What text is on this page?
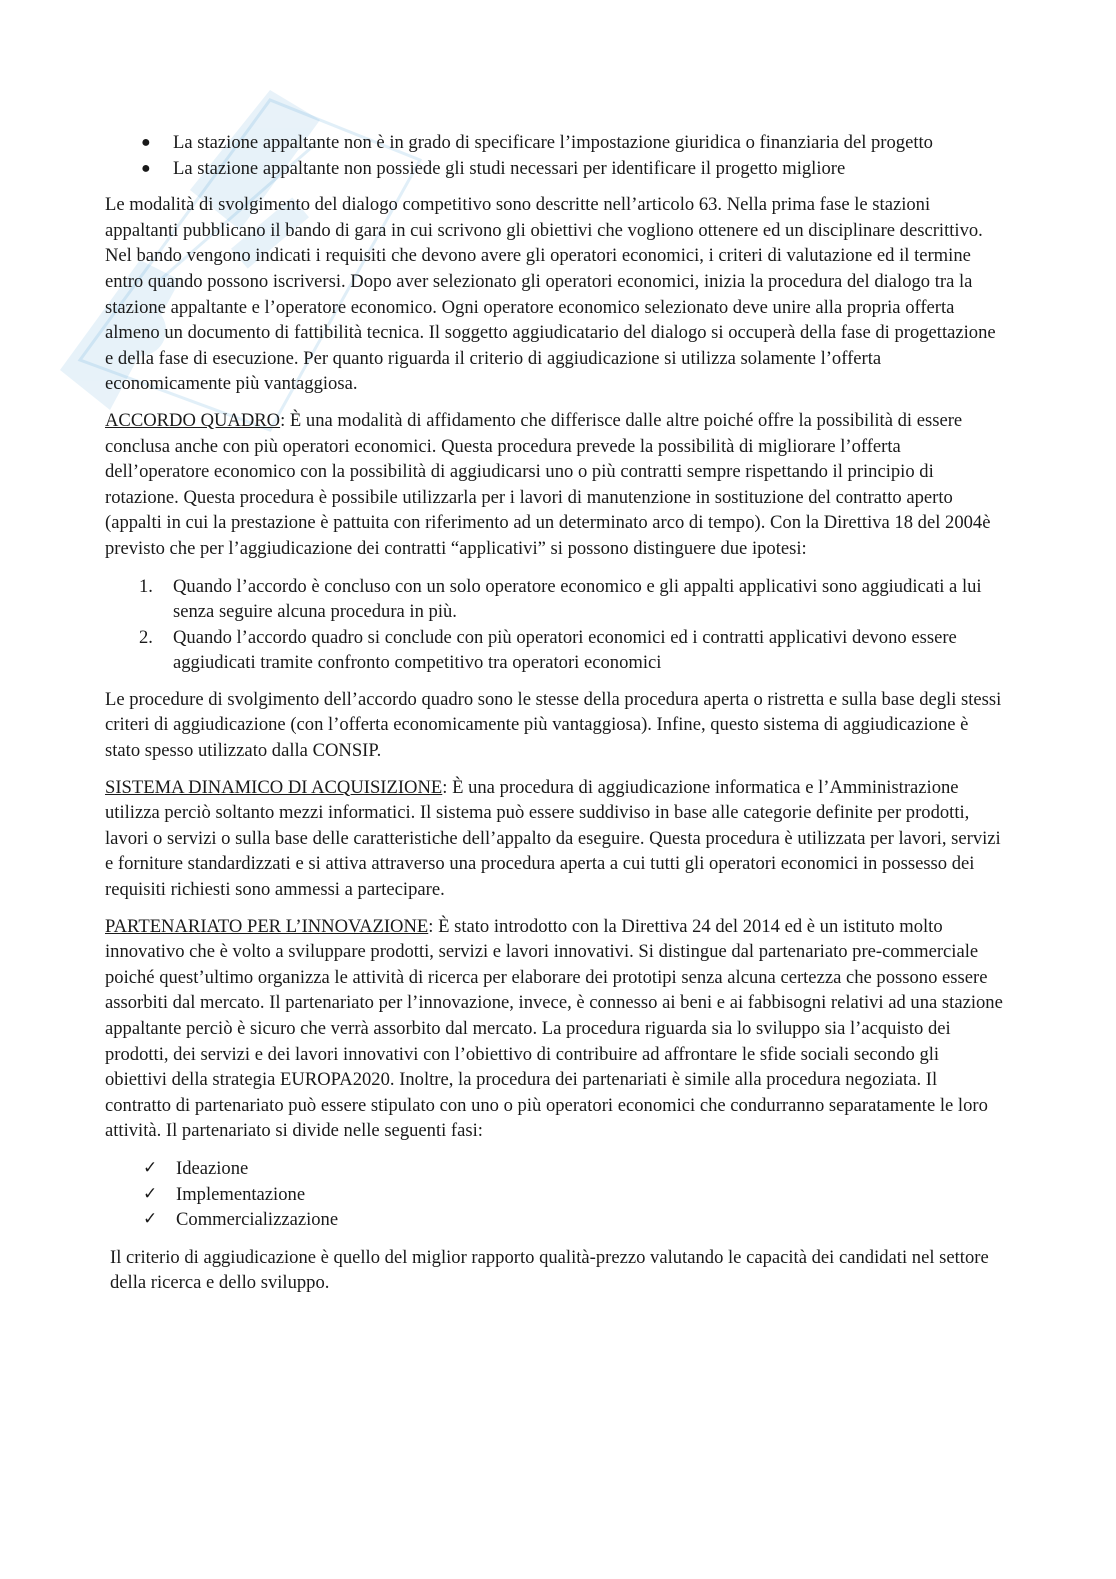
● La stazione appaltante non è in grado di specificare l’impostazione giuridica o finanziaria del progetto
● La stazione appaltante non possiede gli studi necessari per identificare il progetto migliore

Le modalità di svolgimento del dialogo competitivo sono descritte nell’articolo 63. Nella prima fase le stazioni appaltanti pubblicano il bando di gara in cui scrivono gli obiettivi che vogliono ottenere ed un disciplinare descrittivo. Nel bando vengono indicati i requisiti che devono avere gli operatori economici, i criteri di valutazione ed il termine entro quando possono iscriversi. Dopo aver selezionato gli operatori economici, inizia la procedura del dialogo tra la stazione appaltante e l’operatore economico. Ogni operatore economico selezionato deve unire alla propria offerta almeno un documento di fattibilità tecnica. Il soggetto aggiudicatario del dialogo si occuperà della fase di progettazione e della fase di esecuzione. Per quanto riguarda il criterio di aggiudicazione si utilizza solamente l’offerta economicamente più vantaggiosa.

ACCORDO QUADRO: È una modalità di affidamento che differisce dalle altre poiché offre la possibilità di essere conclusa anche con più operatori economici. Questa procedura prevede la possibilità di migliorare l’offerta dell’operatore economico con la possibilità di aggiudicarsi uno o più contratti sempre rispettando il principio di rotazione. Questa procedura è possibile utilizzarla per i lavori di manutenzione in sostituzione del contratto aperto (appalti in cui la prestazione è pattuita con riferimento ad un determinato arco di tempo). Con la Direttiva 18 del 2004è previsto che per l’aggiudicazione dei contratti “applicativi” si possono distinguere due ipotesi:

1. Quando l’accordo è concluso con un solo operatore economico e gli appalti applicativi sono aggiudicati a lui senza seguire alcuna procedura in più.
2. Quando l’accordo quadro si conclude con più operatori economici ed i contratti applicativi devono essere aggiudicati tramite confronto competitivo tra operatori economici

Le procedure di svolgimento dell’accordo quadro sono le stesse della procedura aperta o ristretta e sulla base degli stessi criteri di aggiudicazione (con l’offerta economicamente più vantaggiosa). Infine, questo sistema di aggiudicazione è stato spesso utilizzato dalla CONSIP.

SISTEMA DINAMICO DI ACQUISIZIONE: È una procedura di aggiudicazione informatica e l’Amministrazione utilizza perciò soltanto mezzi informatici. Il sistema può essere suddiviso in base alle categorie definite per prodotti, lavori o servizi o sulla base delle caratteristiche dell’appalto da eseguire. Questa procedura è utilizzata per lavori, servizi e forniture standardizzati e si attiva attraverso una procedura aperta a cui tutti gli operatori economici in possesso dei requisiti richiesti sono ammessi a partecipare.

PARTENARIATO PER L’INNOVAZIONE: È stato introdotto con la Direttiva 24 del 2014 ed è un istituto molto innovativo che è volto a sviluppare prodotti, servizi e lavori innovativi. Si distingue dal partenariato pre-commerciale poiché quest’ultimo organizza le attività di ricerca per elaborare dei prototipi senza alcuna certezza che possono essere assorbiti dal mercato. Il partenariato per l’innovazione, invece, è connesso ai beni e ai fabbisogni relativi ad una stazione appaltante perciò è sicuro che verrà assorbito dal mercato. La procedura riguarda sia lo sviluppo sia l’acquisto dei prodotti, dei servizi e dei lavori innovativi con l’obiettivo di contribuire ad affrontare le sfide sociali secondo gli obiettivi della strategia EUROPA2020. Inoltre, la procedura dei partenariati è simile alla procedura negoziata. Il contratto di partenariato può essere stipulato con uno o più operatori economici che condurranno separatamente le loro attività. Il partenariato si divide nelle seguenti fasi:

✓ Ideazione
✓ Implementazione
✓ Commercializzazione

Il criterio di aggiudicazione è quello del miglior rapporto qualità-prezzo valutando le capacità dei candidati nel settore della ricerca e dello sviluppo.
